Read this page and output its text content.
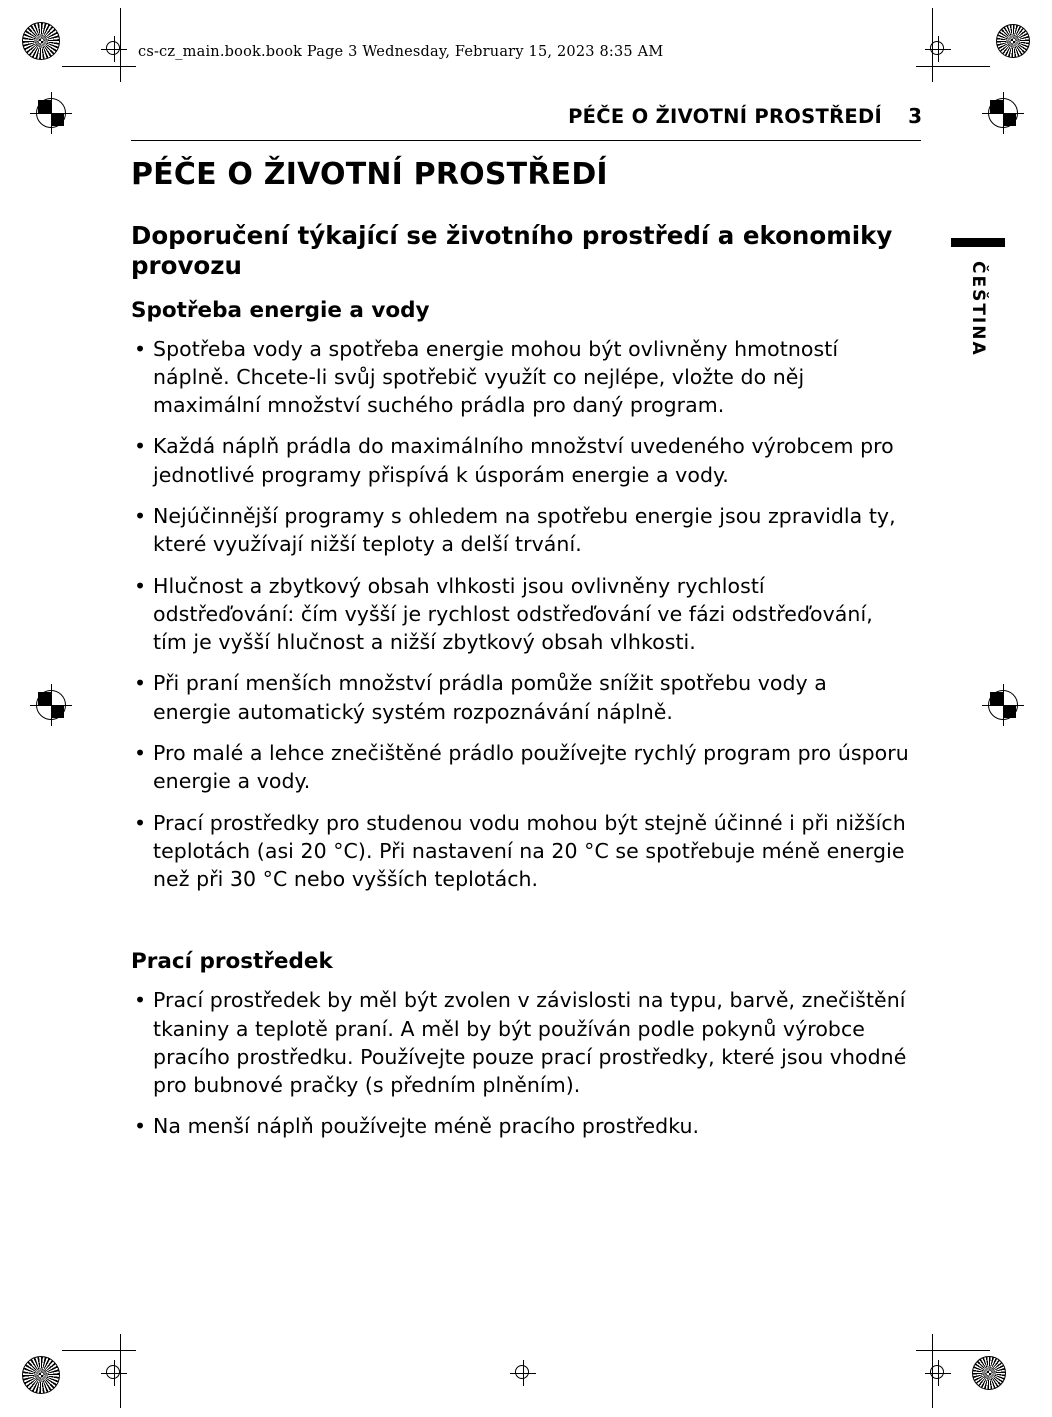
cs-cz_main.book.book Page 3 Wednesday, February 15, 2023 8:35 AM
PÉČE O ŽIVOTNÍ PROSTŘEDÍ 3
ČEŠTINA
PÉČE O ŽIVOTNÍ PROSTŘEDÍ
Doporučení týkající se životního prostředí a ekonomiky provozu
Spotřeba energie a vody
• Spotřeba vody a spotřeba energie mohou být ovlivněny hmotností náplně. Chcete-li svůj spotřebič využít co nejlépe, vložte do něj maximální množství suchého prádla pro daný program.
• Každá náplň prádla do maximálního množství uvedeného výrobcem pro jednotlivé programy přispívá k úsporám energie a vody.
• Nejúčinnější programy s ohledem na spotřebu energie jsou zpravidla ty, které využívají nižší teploty a delší trvání.
• Hlučnost a zbytkový obsah vlhkosti jsou ovlivněny rychlostí odstřeďování: čím vyšší je rychlost odstřeďování ve fázi odstřeďování, tím je vyšší hlučnost a nižší zbytkový obsah vlhkosti.
• Při praní menších množství prádla pomůže snížit spotřebu vody a energie automatický systém rozpoznávání náplně.
• Pro malé a lehce znečištěné prádlo používejte rychlý program pro úsporu energie a vody.
• Prací prostředky pro studenou vodu mohou být stejně účinné i při nižších teplotách (asi 20 °C). Při nastavení na 20 °C se spotřebuje méně energie než při 30 °C nebo vyšších teplotách.
Prací prostředek
• Prací prostředek by měl být zvolen v závislosti na typu, barvě, znečištění tkaniny a teplotě praní. A měl by být používán podle pokynů výrobce pracího prostředku. Používejte pouze prací prostředky, které jsou vhodné pro bubnové pračky (s předním plněním).
• Na menší náplň používejte méně pracího prostředku.
